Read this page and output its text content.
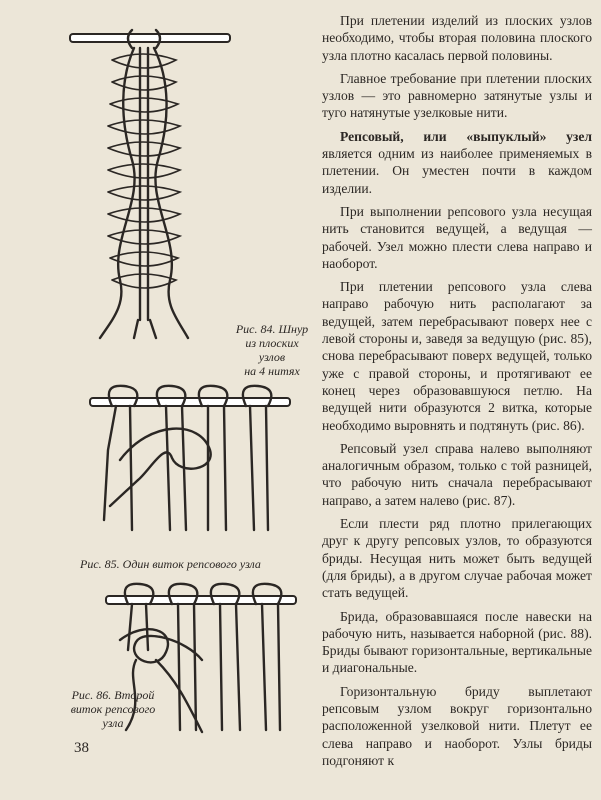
Рис. 84. Шнур
из плоских
узлов
на 4 нитях
Рис. 85. Один виток репсового узла
Рис. 86. Второй
виток репсового
узла
38

При плетении изделий из плоских узлов необходимо, чтобы вторая половина плоского узла плотно касалась первой половины.

Главное требование при плетении плоских узлов — это равномерно затянутые узлы и туго натянутые узелковые нити.

Репсовый, или «выпуклый» узел является одним из наиболее применяемых в плетении. Он уместен почти в каждом изделии.

При выполнении репсового узла несущая нить становится ведущей, а ведущая — рабочей. Узел можно плести слева направо и наоборот.

При плетении репсового узла слева направо рабочую нить располагают за ведущей, затем перебрасывают поверх нее с левой стороны и, заведя за ведущую (рис. 85), снова перебрасывают поверх ведущей, только уже с правой стороны, и протягивают ее конец через образовавшуюся петлю. На ведущей нити образуются 2 витка, которые необходимо выровнять и подтянуть (рис. 86).

Репсовый узел справа налево выполняют аналогичным образом, только с той разницей, что рабочую нить сначала перебрасывают направо, а затем налево (рис. 87).

Если плести ряд плотно прилегающих друг к другу репсовых узлов, то образуются бриды. Несущая нить может быть ведущей (для бриды), а в другом случае рабочая может стать ведущей.

Брида, образовавшаяся после навески на рабочую нить, называется наборной (рис. 88). Бриды бывают горизонтальные, вертикальные и диагональные.

Горизонтальную бриду выплетают репсовым узлом вокруг горизонтально расположенной узелковой нити. Плетут ее слева направо и наоборот. Узлы бриды подгоняют к
